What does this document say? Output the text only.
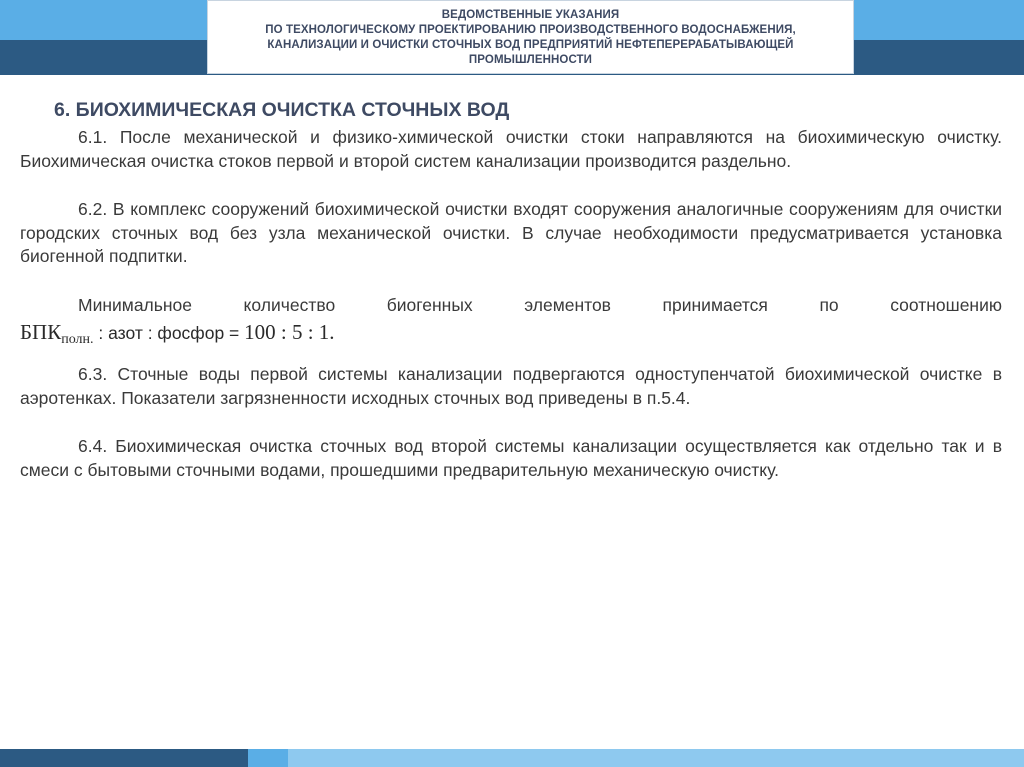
ВЕДОМСТВЕННЫЕ УКАЗАНИЯ
ПО ТЕХНОЛОГИЧЕСКОМУ ПРОЕКТИРОВАНИЮ ПРОИЗВОДСТВЕННОГО ВОДОСНАБЖЕНИЯ,
КАНАЛИЗАЦИИ И ОЧИСТКИ СТОЧНЫХ ВОД ПРЕДПРИЯТИЙ НЕФТЕПЕРЕРАБАТЫВАЮЩЕЙ
ПРОМЫШЛЕННОСТИ
6. БИОХИМИЧЕСКАЯ ОЧИСТКА СТОЧНЫХ ВОД

6.1. После механической и физико-химической очистки стоки направляются на биохимическую очистку. Биохимическая очистка стоков первой и второй систем канализации производится раздельно.

6.2. В комплекс сооружений биохимической очистки входят сооружения аналогичные сооружениям для очистки городских сточных вод без узла механической очистки. В случае необходимости предусматривается установка биогенной подпитки.

Минимальное количество биогенных элементов принимается по соотношению

$БПК_{полн.}$ : азот : фосфор = 100 : 5 : 1.

6.3. Сточные воды первой системы канализации подвергаются одноступенчатой биохимической очистке в аэротенках. Показатели загрязненности исходных сточных вод приведены в п.5.4.

6.4. Биохимическая очистка сточных вод второй системы канализации осуществляется как отдельно так и в смеси с бытовыми сточными водами, прошедшими предварительную механическую очистку.
